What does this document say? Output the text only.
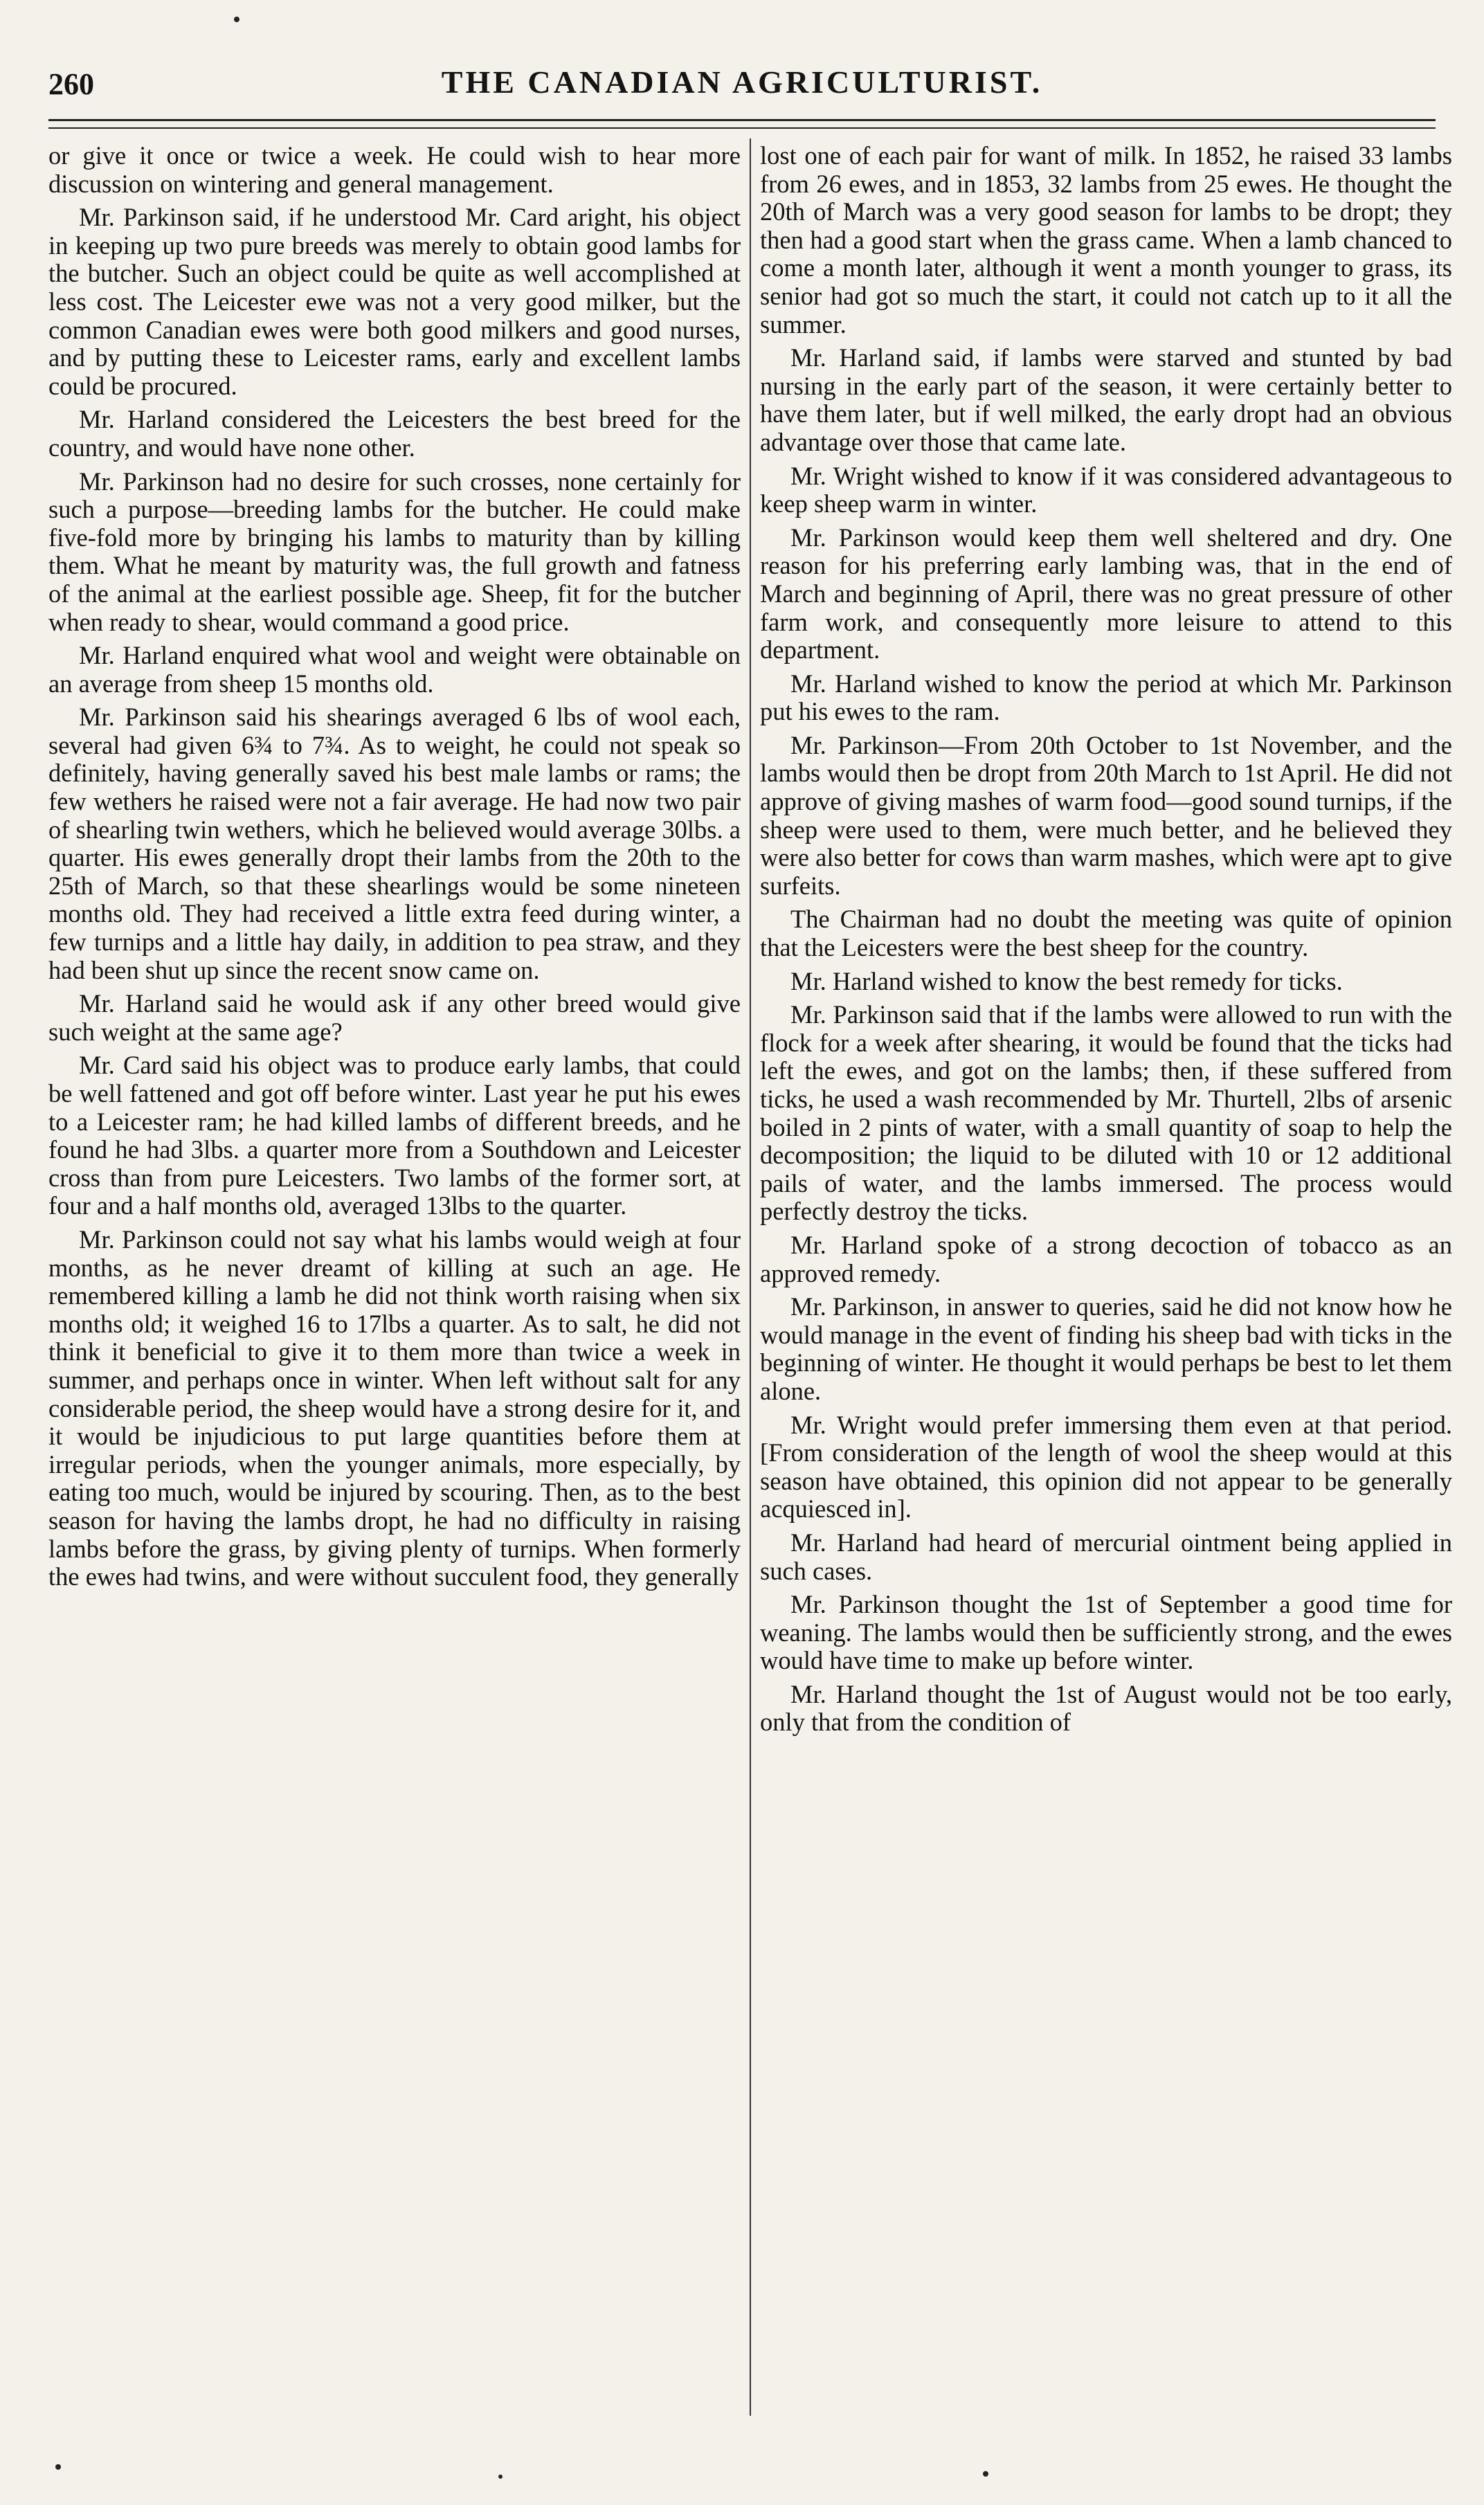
260	THE CANADIAN AGRICULTURIST.

or give it once or twice a week. He could wish to hear more discussion on wintering and general management.

Mr. Parkinson said, if he understood Mr. Card aright, his object in keeping up two pure breeds was merely to obtain good lambs for the butcher. Such an object could be quite as well accomplished at less cost. The Leicester ewe was not a very good milker, but the common Canadian ewes were both good milkers and good nurses, and by putting these to Leicester rams, early and excellent lambs could be procured.

Mr. Harland considered the Leicesters the best breed for the country, and would have none other.

Mr. Parkinson had no desire for such crosses, none certainly for such a purpose—breeding lambs for the butcher. He could make five-fold more by bringing his lambs to maturity than by killing them. What he meant by maturity was, the full growth and fatness of the animal at the earliest possible age. Sheep, fit for the butcher when ready to shear, would command a good price.

Mr. Harland enquired what wool and weight were obtainable on an average from sheep 15 months old.

Mr. Parkinson said his shearings averaged 6 lbs of wool each, several had given 6¾ to 7¾. As to weight, he could not speak so definitely, having generally saved his best male lambs or rams; the few wethers he raised were not a fair average. He had now two pair of shearling twin wethers, which he believed would average 30lbs. a quarter. His ewes generally dropt their lambs from the 20th to the 25th of March, so that these shearlings would be some nineteen months old. They had received a little extra feed during winter, a few turnips and a little hay daily, in addition to pea straw, and they had been shut up since the recent snow came on.

Mr. Harland said he would ask if any other breed would give such weight at the same age?

Mr. Card said his object was to produce early lambs, that could be well fattened and got off before winter. Last year he put his ewes to a Leicester ram; he had killed lambs of different breeds, and he found he had 3lbs. a quarter more from a Southdown and Leicester cross than from pure Leicesters. Two lambs of the former sort, at four and a half months old, averaged 13lbs to the quarter.

Mr. Parkinson could not say what his lambs would weigh at four months, as he never dreamt of killing at such an age. He remembered killing a lamb he did not think worth raising when six months old; it weighed 16 to 17lbs a quarter. As to salt, he did not think it beneficial to give it to them more than twice a week in summer, and perhaps once in winter. When left without salt for any considerable period, the sheep would have a strong desire for it, and it would be injudicious to put large quantities before them at irregular periods, when the younger animals, more especially, by eating too much, would be injured by scouring. Then, as to the best season for having the lambs dropt, he had no difficulty in raising lambs before the grass, by giving plenty of turnips. When formerly the ewes had twins, and were without succulent food, they generally

lost one of each pair for want of milk. In 1852, he raised 33 lambs from 26 ewes, and in 1853, 32 lambs from 25 ewes. He thought the 20th of March was a very good season for lambs to be dropt; they then had a good start when the grass came. When a lamb chanced to come a month later, although it went a month younger to grass, its senior had got so much the start, it could not catch up to it all the summer.

Mr. Harland said, if lambs were starved and stunted by bad nursing in the early part of the season, it were certainly better to have them later, but if well milked, the early dropt had an obvious advantage over those that came late.

Mr. Wright wished to know if it was considered advantageous to keep sheep warm in winter.

Mr. Parkinson would keep them well sheltered and dry. One reason for his preferring early lambing was, that in the end of March and beginning of April, there was no great pressure of other farm work, and consequently more leisure to attend to this department.

Mr. Harland wished to know the period at which Mr. Parkinson put his ewes to the ram.

Mr. Parkinson—From 20th October to 1st November, and the lambs would then be dropt from 20th March to 1st April. He did not approve of giving mashes of warm food—good sound turnips, if the sheep were used to them, were much better, and he believed they were also better for cows than warm mashes, which were apt to give surfeits.

The Chairman had no doubt the meeting was quite of opinion that the Leicesters were the best sheep for the country.

Mr. Harland wished to know the best remedy for ticks.

Mr. Parkinson said that if the lambs were allowed to run with the flock for a week after shearing, it would be found that the ticks had left the ewes, and got on the lambs; then, if these suffered from ticks, he used a wash recommended by Mr. Thurtell, 2lbs of arsenic boiled in 2 pints of water, with a small quantity of soap to help the decomposition; the liquid to be diluted with 10 or 12 additional pails of water, and the lambs immersed. The process would perfectly destroy the ticks.

Mr. Harland spoke of a strong decoction of tobacco as an approved remedy.

Mr. Parkinson, in answer to queries, said he did not know how he would manage in the event of finding his sheep bad with ticks in the beginning of winter. He thought it would perhaps be best to let them alone.

Mr. Wright would prefer immersing them even at that period. [From consideration of the length of wool the sheep would at this season have obtained, this opinion did not appear to be generally acquiesced in].

Mr. Harland had heard of mercurial ointment being applied in such cases.

Mr. Parkinson thought the 1st of September a good time for weaning. The lambs would then be sufficiently strong, and the ewes would have time to make up before winter.

Mr. Harland thought the 1st of August would not be too early, only that from the condition of
